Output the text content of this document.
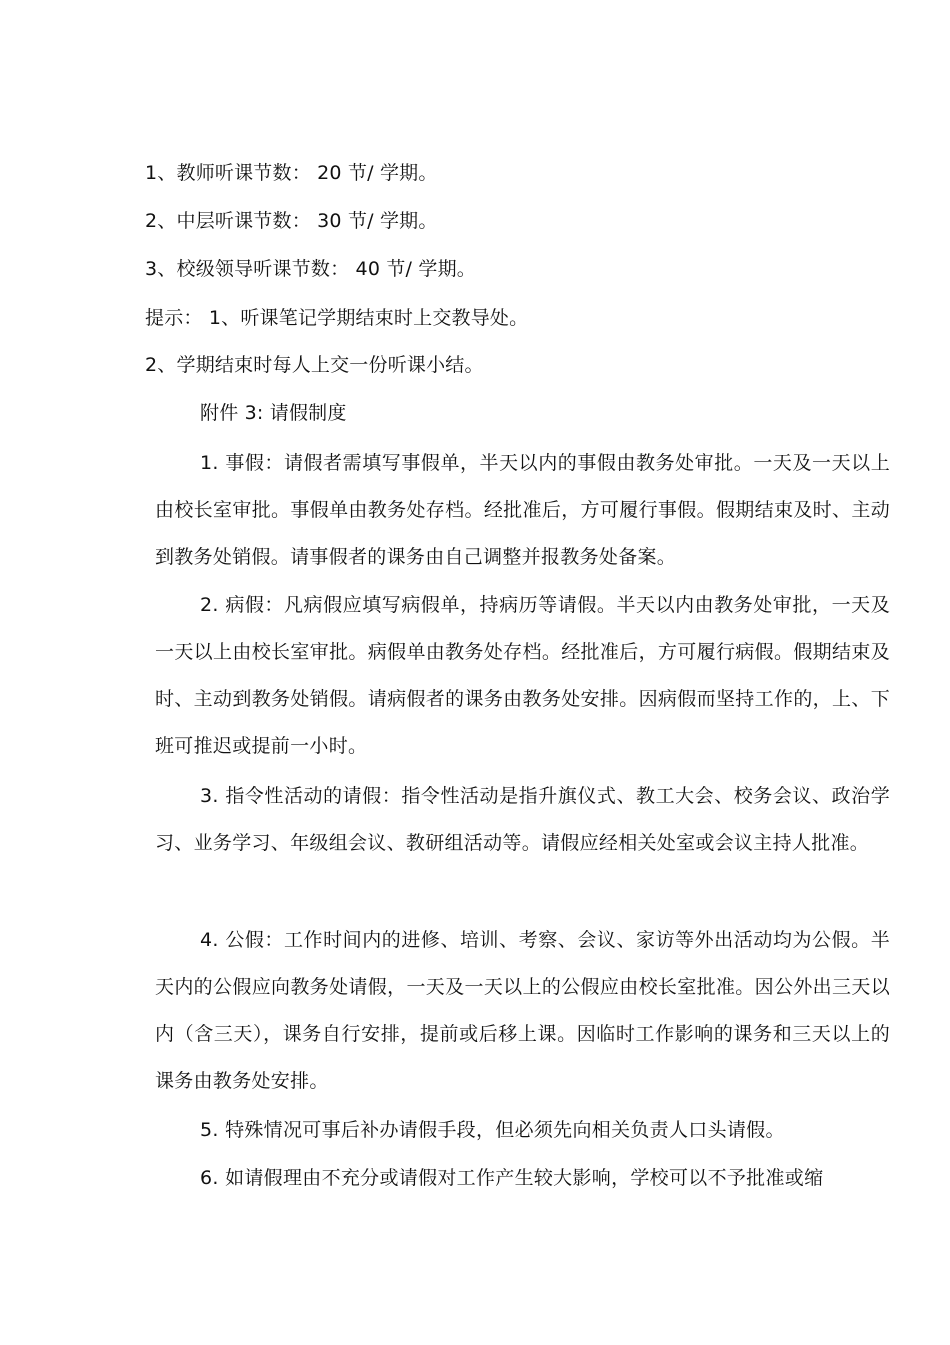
1、教师听课节数： 20 节/ 学期。
2、中层听课节数： 30 节/ 学期。
3、校级领导听课节数： 40 节/ 学期。
提示： 1、听课笔记学期结束时上交教导处。
2、学期结束时每人上交一份听课小结。
附件 3: 请假制度
1. 事假：请假者需填写事假单，半天以内的事假由教务处审批。一天及一天以上由校长室审批。事假单由教务处存档。经批准后，方可履行事假。假期结束及时、主动到教务处销假。请事假者的课务由自己调整并报教务处备案。
2. 病假：凡病假应填写病假单，持病历等请假。半天以内由教务处审批，一天及一天以上由校长室审批。病假单由教务处存档。经批准后，方可履行病假。假期结束及时、主动到教务处销假。请病假者的课务由教务处安排。因病假而坚持工作的，上、下班可推迟或提前一小时。
3. 指令性活动的请假：指令性活动是指升旗仪式、教工大会、校务会议、政治学习、业务学习、年级组会议、教研组活动等。请假应经相关处室或会议主持人批准。
4. 公假：工作时间内的进修、培训、考察、会议、家访等外出活动均为公假。半天内的公假应向教务处请假，一天及一天以上的公假应由校长室批准。因公外出三天以内（含三天），课务自行安排，提前或后移上课。因临时工作影响的课务和三天以上的课务由教务处安排。
5. 特殊情况可事后补办请假手段，但必须先向相关负责人口头请假。
6. 如请假理由不充分或请假对工作产生较大影响，学校可以不予批准或缩
